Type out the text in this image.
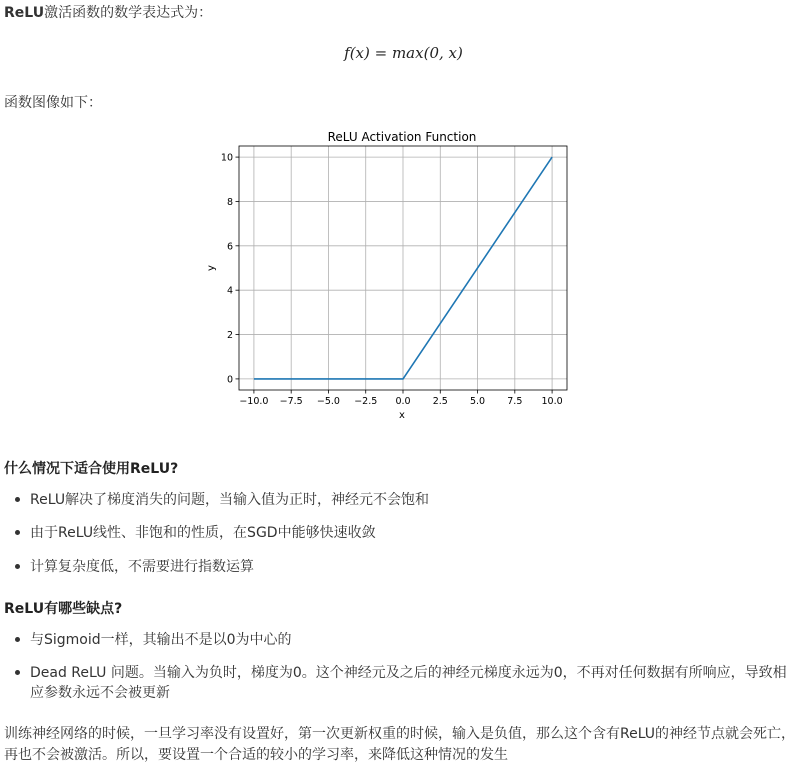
ReLU激活函数的数学表达式为：
f(x) = max(0, x)
函数图像如下：
ReLU Activation Function
−10.0 −7.5 −5.0 −2.5 0.0 2.5 5.0 7.5 10.0
0
2
4
6
8
10
x
y
什么情况下适合使用ReLU?
ReLU解决了梯度消失的问题，当输入值为正时，神经元不会饱和
由于ReLU线性、非饱和的性质，在SGD中能够快速收敛
计算复杂度低，不需要进行指数运算
ReLU有哪些缺点?
与Sigmoid一样，其输出不是以0为中心的
Dead ReLU 问题。当输入为负时，梯度为0。这个神经元及之后的神经元梯度永远为0，不再对任何数据有所响应，导致相应参数永远不会被更新
训练神经网络的时候，一旦学习率没有设置好，第一次更新权重的时候，输入是负值，那么这个含有ReLU的神经节点就会死亡，再也不会被激活。所以，要设置一个合适的较小的学习率，来降低这种情况的发生
